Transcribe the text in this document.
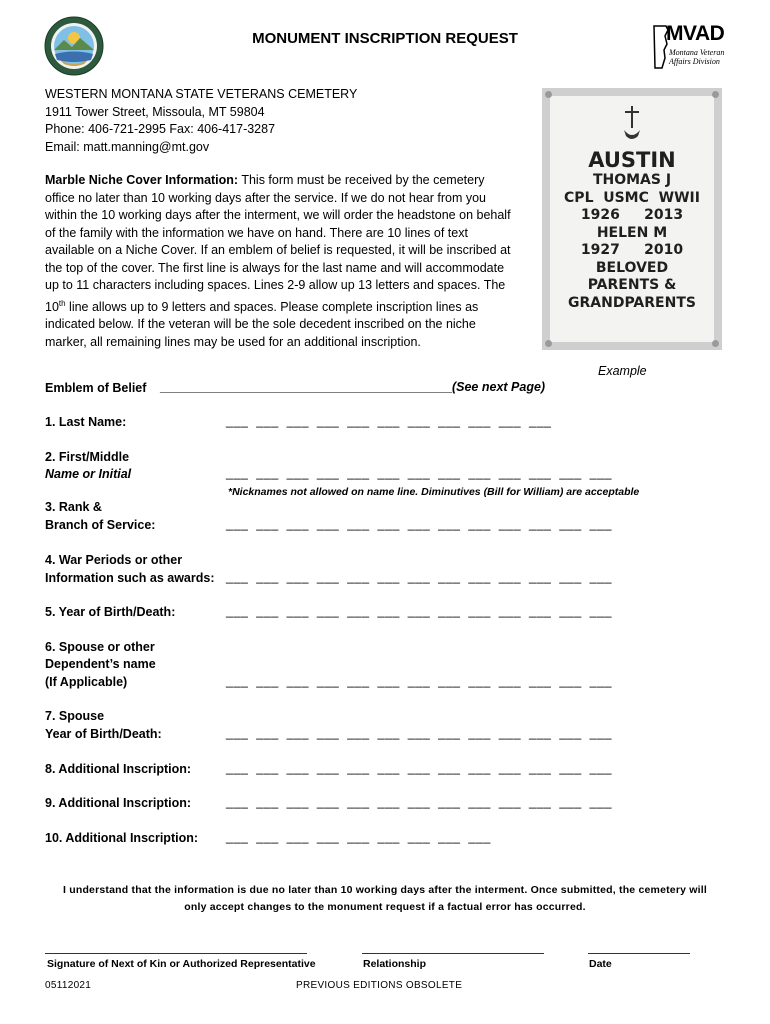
MONUMENT INSCRIPTION REQUEST	MVAD
Montana Veteran
Affairs Division
WESTERN MONTANA STATE VETERANS CEMETERY
1911 Tower Street, Missoula, MT 59804
Phone: 406-721-2995 Fax: 406-417-3287
Email: matt.manning@mt.gov
AUSTIN
THOMAS J
CPL  USMC  WWII
1926     2013
HELEN M
1927     2010
BELOVED
PARENTS &
GRANDPARENTS
Example
Marble Niche Cover Information: This form must be received by the cemetery office no later than 10 working days after the service. If we do not hear from you within the 10 working days after the interment, we will order the headstone on behalf of the family with the information we have on hand. There are 10 lines of text available on a Niche Cover. If an emblem of belief is requested, it will be inscribed at the top of the cover. The first line is always for the last name and will accommodate up to 11 characters including spaces. Lines 2-9 allow up 13 letters and spaces. The 10th line allows up to 9 letters and spaces. Please complete inscription lines as indicated below. If the veteran will be the sole decedent inscribed on the niche marker, all remaining lines may be used for an additional inscription.
Emblem of Belief __________________________________________(See next Page)
1. Last Name:	___  ___  ___  ___  ___  ___  ___  ___  ___  ___  ___
2. First/Middle
Name or Initial	___  ___  ___  ___  ___  ___  ___  ___  ___  ___  ___  ___  ___
*Nicknames not allowed on name line. Diminutives (Bill for William) are acceptable
3. Rank &
Branch of Service:	___  ___  ___  ___  ___  ___  ___  ___  ___  ___  ___  ___  ___
4. War Periods or other
Information such as awards: ___  ___  ___  ___  ___  ___  ___  ___  ___  ___  ___  ___  ___
5. Year of Birth/Death:	___  ___  ___  ___  ___  ___  ___  ___  ___  ___  ___  ___  ___
6. Spouse or other
Dependent’s name
(If Applicable)	___  ___  ___  ___  ___  ___  ___  ___  ___  ___  ___  ___  ___
7. Spouse
Year of Birth/Death:	___  ___  ___  ___  ___  ___  ___  ___  ___  ___  ___  ___  ___
8. Additional Inscription:	___  ___  ___  ___  ___  ___  ___  ___  ___  ___  ___  ___  ___
9. Additional Inscription:	___  ___  ___  ___  ___  ___  ___  ___  ___  ___  ___  ___  ___
10. Additional Inscription: ___  ___  ___  ___  ___  ___  ___  ___  ___
I understand that the information is due no later than 10 working days after the interment. Once submitted, the cemetery will
only accept changes to the monument request if a factual error has occurred.
Signature of Next of Kin or Authorized Representative	Relationship	Date
05112021	PREVIOUS EDITIONS OBSOLETE
